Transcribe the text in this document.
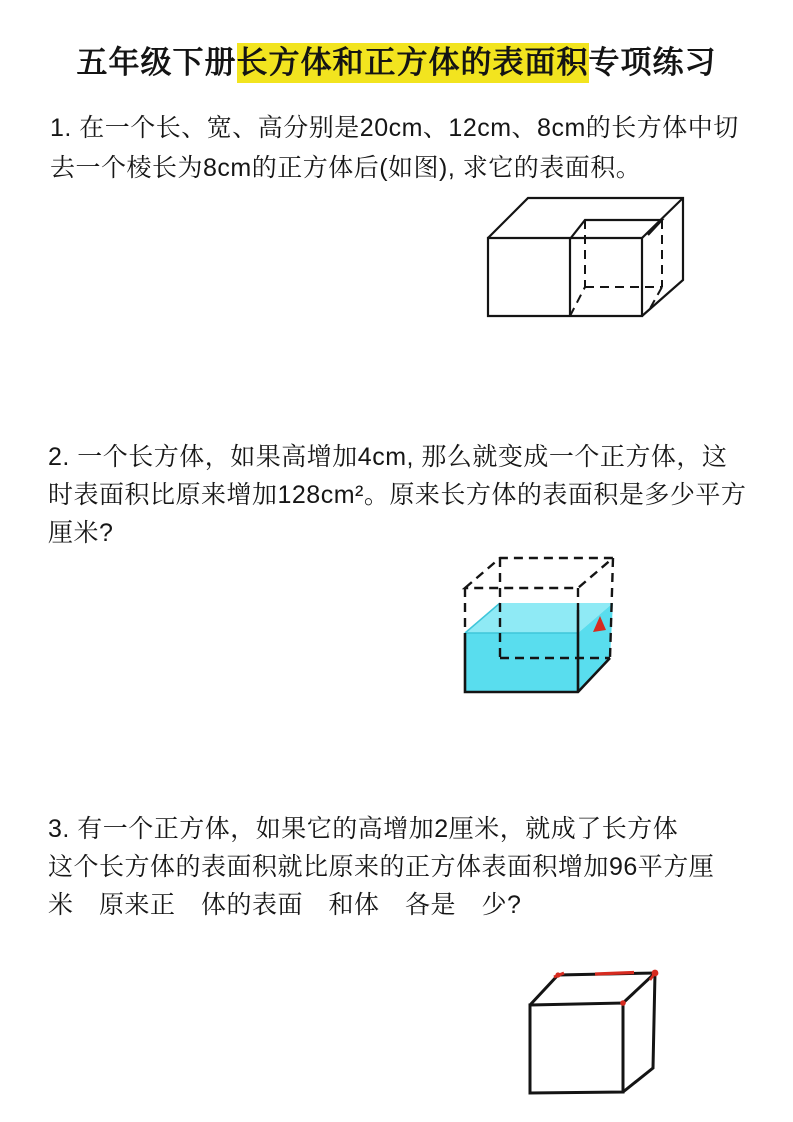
五年级下册长方体和正方体的表面积专项练习
1. 在一个长、宽、高分别是20cm、12cm、8cm的长方体中切
去一个棱长为8cm的正方体后(如图), 求它的表面积。
2. 一个长方体，如果高增加4cm, 那么就变成一个正方体，这
时表面积比原来增加128cm²。原来长方体的表面积是多少平方
厘米?
3. 有一个正方体，如果它的高增加2厘米，就成了长方体
这个长方体的表面积就比原来的正方体表面积增加96平方厘
米　原来正　体的表面　和体　各是　少?
